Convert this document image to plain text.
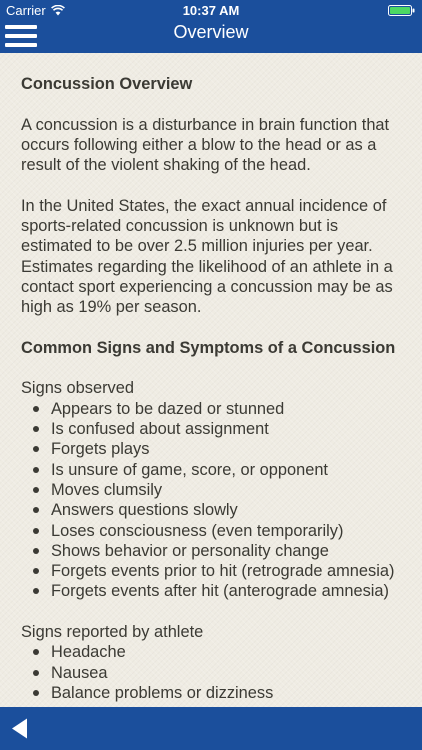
Carrier	10:37 AM
Overview
Concussion Overview

A concussion is a disturbance in brain function that occurs following either a blow to the head or as a result of the violent shaking of the head.

In the United States, the exact annual incidence of sports-related concussion is unknown but is estimated to be over 2.5 million injuries per year. Estimates regarding the likelihood of an athlete in a contact sport experiencing a concussion may be as high as 19% per season.

Common Signs and Symptoms of a Concussion

Signs observed

Appears to be dazed or stunned
Is confused about assignment
Forgets plays
Is unsure of game, score, or opponent
Moves clumsily
Answers questions slowly
Loses consciousness (even temporarily)
Shows behavior or personality change
Forgets events prior to hit (retrograde amnesia)
Forgets events after hit (anterograde amnesia)

Signs reported by athlete

Headache
Nausea
Balance problems or dizziness
